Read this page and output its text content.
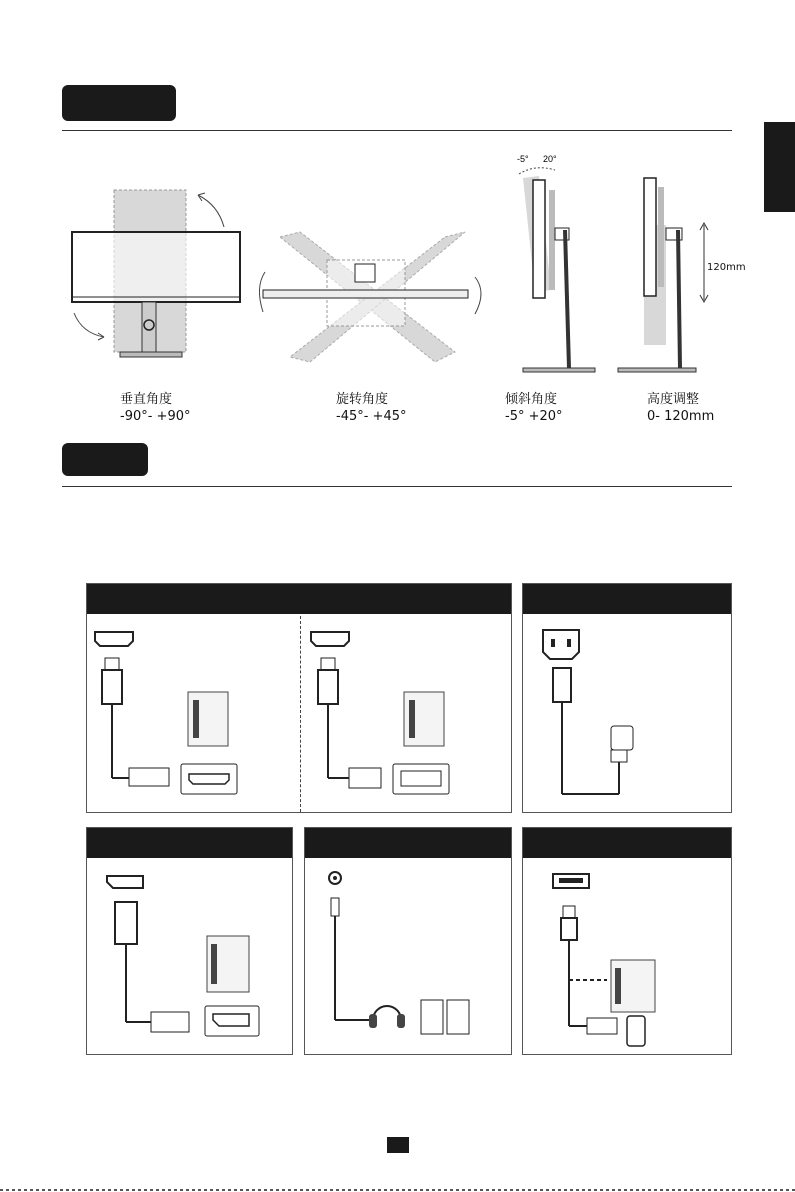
-5° 20°
120mm
垂直角度
-90°- +90°
旋转角度
-45°- +45°
倾斜角度
-5° +20°
高度调整
0- 120mm
